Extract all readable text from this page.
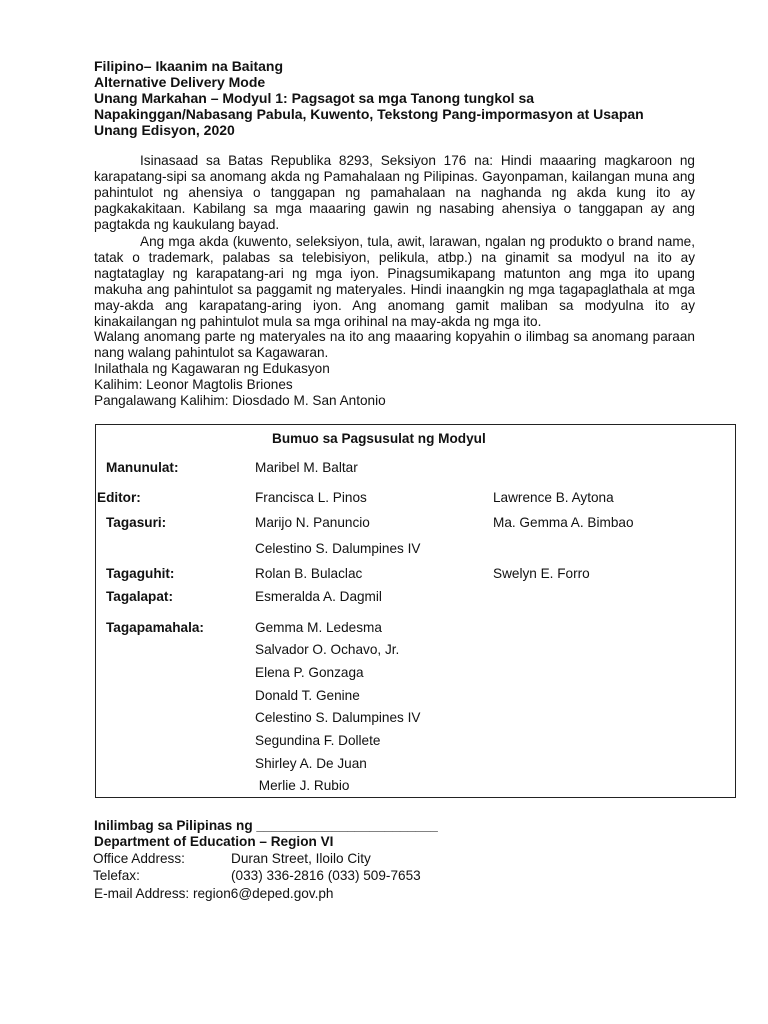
Filipino– Ikaanim na Baitang
Alternative Delivery Mode
Unang Markahan – Modyul 1: Pagsagot sa mga Tanong tungkol sa
Napakinggan/Nabasang Pabula, Kuwento, Tekstong Pang-impormasyon at Usapan
Unang Edisyon, 2020

Isinasaad sa Batas Republika 8293, Seksiyon 176 na: Hindi maaaring magkaroon ng karapatang-sipi sa anomang akda ng Pamahalaan ng Pilipinas. Gayonpaman, kailangan muna ang pahintulot ng ahensiya o tanggapan ng pamahalaan na naghanda ng akda kung ito ay pagkakakitaan. Kabilang sa mga maaaring gawin ng nasabing ahensiya o tanggapan ay ang pagtakda ng kaukulang bayad.

Ang mga akda (kuwento, seleksiyon, tula, awit, larawan, ngalan ng produkto o brand name, tatak o trademark, palabas sa telebisiyon, pelikula, atbp.) na ginamit sa modyul na ito ay nagtataglay ng karapatang-ari ng mga iyon. Pinagsumikapang matunton ang mga ito upang makuha ang pahintulot sa paggamit ng materyales. Hindi inaangkin ng mga tagapaglathala at mga may-akda ang karapatang-aring iyon. Ang anomang gamit maliban sa modyulna ito ay kinakailangan ng pahintulot mula sa mga orihinal na may-akda ng mga ito.

Walang anomang parte ng materyales na ito ang maaaring kopyahin o ilimbag sa anomang paraan nang walang pahintulot sa Kagawaran.

Inilathala ng Kagawaran ng Edukasyon

Kalihim: Leonor Magtolis Briones

Pangalawang Kalihim: Diosdado M. San Antonio

Bumuo sa Pagsusulat ng Modyul
Manunulat:	Maribel M. Baltar
Editor:	Francisca L. Pinos	Lawrence B. Aytona
Tagasuri:	Marijo N. Panuncio	Ma. Gemma A. Bimbao
Celestino S. Dalumpines IV
Tagaguhit:	Rolan B. Bulaclac	Swelyn E. Forro
Tagalapat:	Esmeralda A. Dagmil
Tagapamahala:	Gemma M. Ledesma
Salvador O. Ochavo, Jr.
Elena P. Gonzaga
Donald T. Genine
Celestino S. Dalumpines IV
Segundina F. Dollete
Shirley A. De Juan
Merlie J. Rubio
Inilimbag sa Pilipinas ng ________________________
Department of Education – Region VI
Office Address:	Duran Street, Iloilo City
Telefax:	(033) 336-2816 (033) 509-7653
E-mail Address: region6@deped.gov.ph
